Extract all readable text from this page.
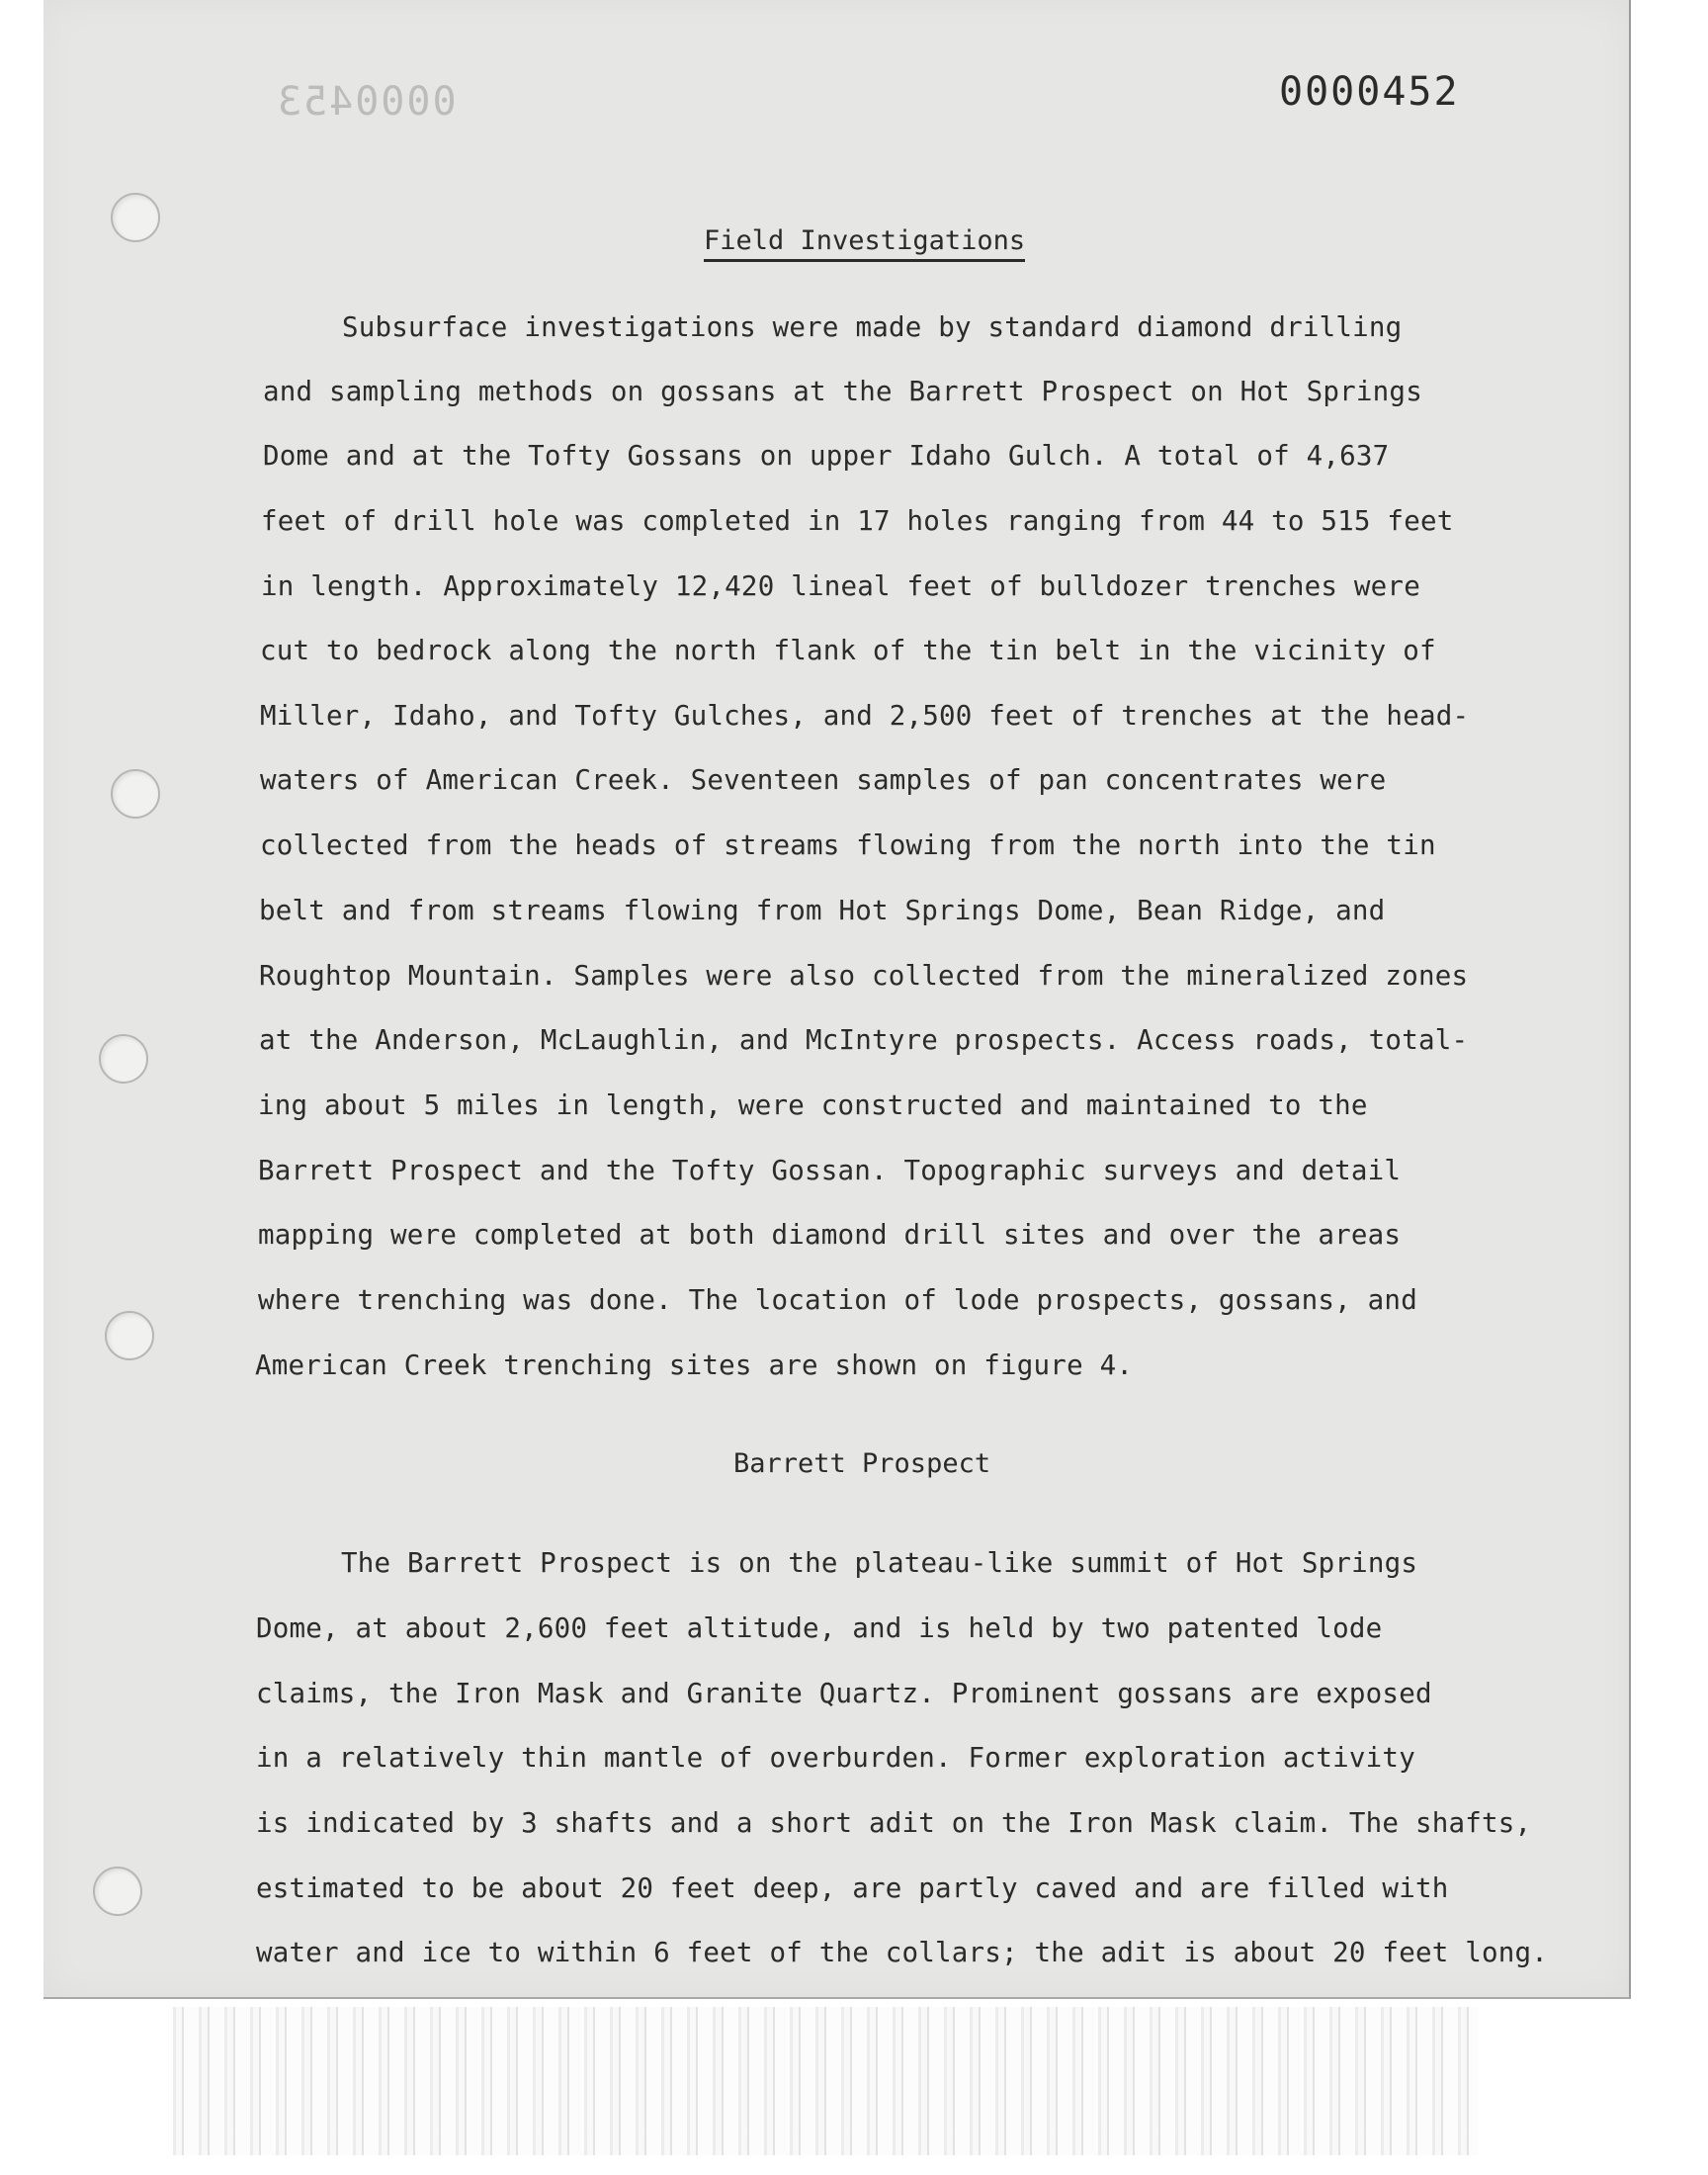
0000453	0000452
Field Investigations
Subsurface investigations were made by standard diamond drilling
and sampling methods on gossans at the Barrett Prospect on Hot Springs
Dome and at the Tofty Gossans on upper Idaho Gulch. A total of 4,637
feet of drill hole was completed in 17 holes ranging from 44 to 515 feet
in length. Approximately 12,420 lineal feet of bulldozer trenches were
cut to bedrock along the north flank of the tin belt in the vicinity of
Miller, Idaho, and Tofty Gulches, and 2,500 feet of trenches at the head-
waters of American Creek. Seventeen samples of pan concentrates were
collected from the heads of streams flowing from the north into the tin
belt and from streams flowing from Hot Springs Dome, Bean Ridge, and
Roughtop Mountain. Samples were also collected from the mineralized zones
at the Anderson, McLaughlin, and McIntyre prospects. Access roads, total-
ing about 5 miles in length, were constructed and maintained to the
Barrett Prospect and the Tofty Gossan. Topographic surveys and detail
mapping were completed at both diamond drill sites and over the areas
where trenching was done. The location of lode prospects, gossans, and
American Creek trenching sites are shown on figure 4.
Barrett Prospect
The Barrett Prospect is on the plateau-like summit of Hot Springs
Dome, at about 2,600 feet altitude, and is held by two patented lode
claims, the Iron Mask and Granite Quartz. Prominent gossans are exposed
in a relatively thin mantle of overburden. Former exploration activity
is indicated by 3 shafts and a short adit on the Iron Mask claim. The shafts,
estimated to be about 20 feet deep, are partly caved and are filled with
water and ice to within 6 feet of the collars; the adit is about 20 feet long.
